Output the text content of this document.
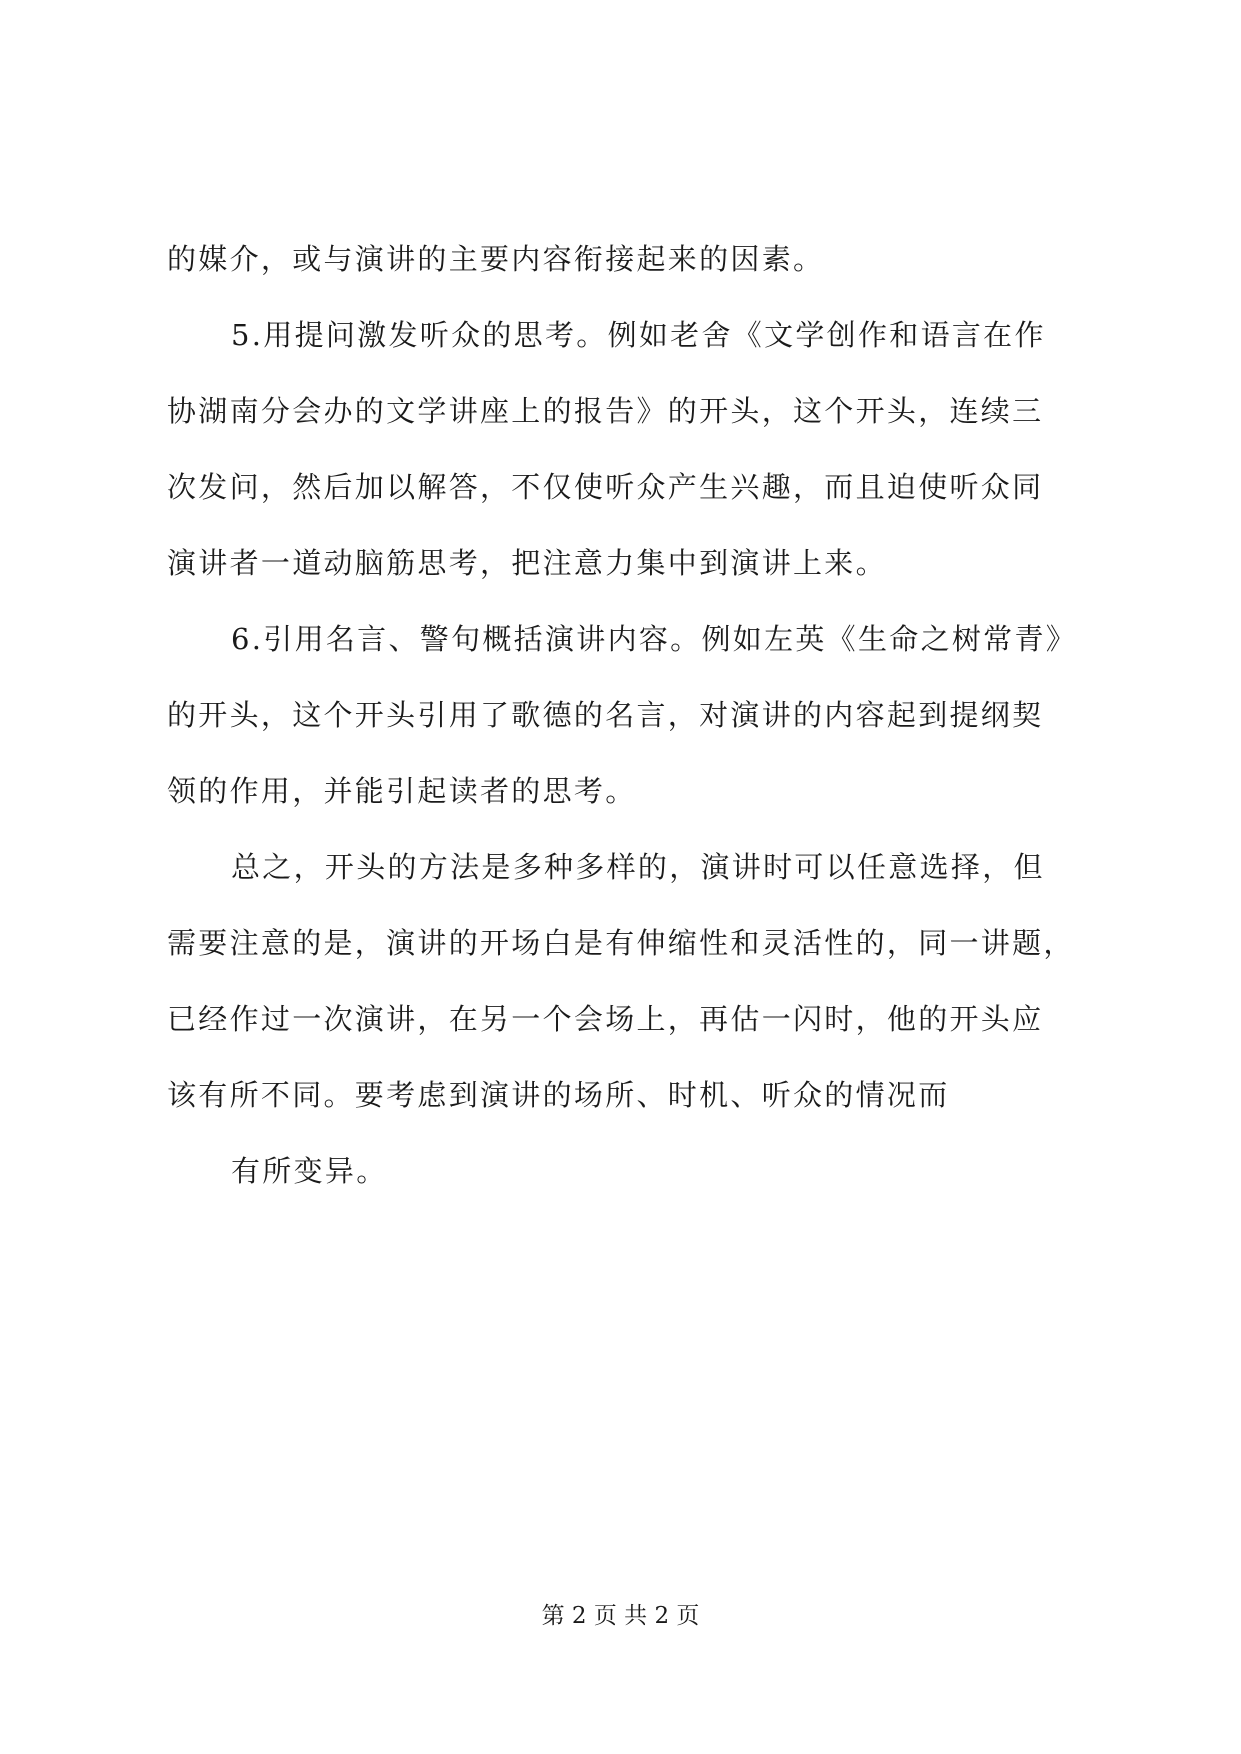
的媒介，或与演讲的主要内容衔接起来的因素。
5.用提问激发听众的思考。例如老舍《文学创作和语言在作
协湖南分会办的文学讲座上的报告》的开头，这个开头，连续三
次发问，然后加以解答，不仅使听众产生兴趣，而且迫使听众同
演讲者一道动脑筋思考，把注意力集中到演讲上来。
6.引用名言、警句概括演讲内容。例如左英《生命之树常青》
的开头，这个开头引用了歌德的名言，对演讲的内容起到提纲契
领的作用，并能引起读者的思考。
总之，开头的方法是多种多样的，演讲时可以任意选择，但
需要注意的是，演讲的开场白是有伸缩性和灵活性的，同一讲题，
已经作过一次演讲，在另一个会场上，再估一闪时，他的开头应
该有所不同。要考虑到演讲的场所、时机、听众的情况而
有所变异。
第 2 页 共 2 页
